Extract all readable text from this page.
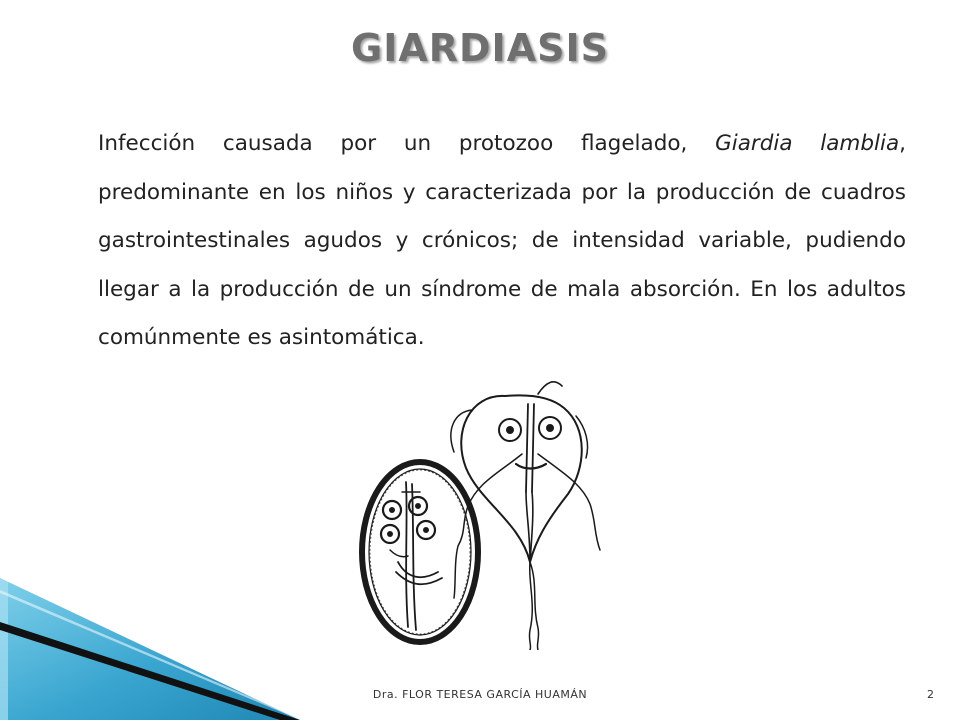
GIARDIASIS

Infección causada por un protozoo flagelado, Giardia lamblia, predominante en los niños y caracterizada por la producción de cuadros gastrointestinales agudos y crónicos; de intensidad variable, pudiendo llegar a la producción de un síndrome de mala absorción. En los adultos comúnmente es asintomática.

Dra. FLOR TERESA GARCÍA HUAMÁN	2
